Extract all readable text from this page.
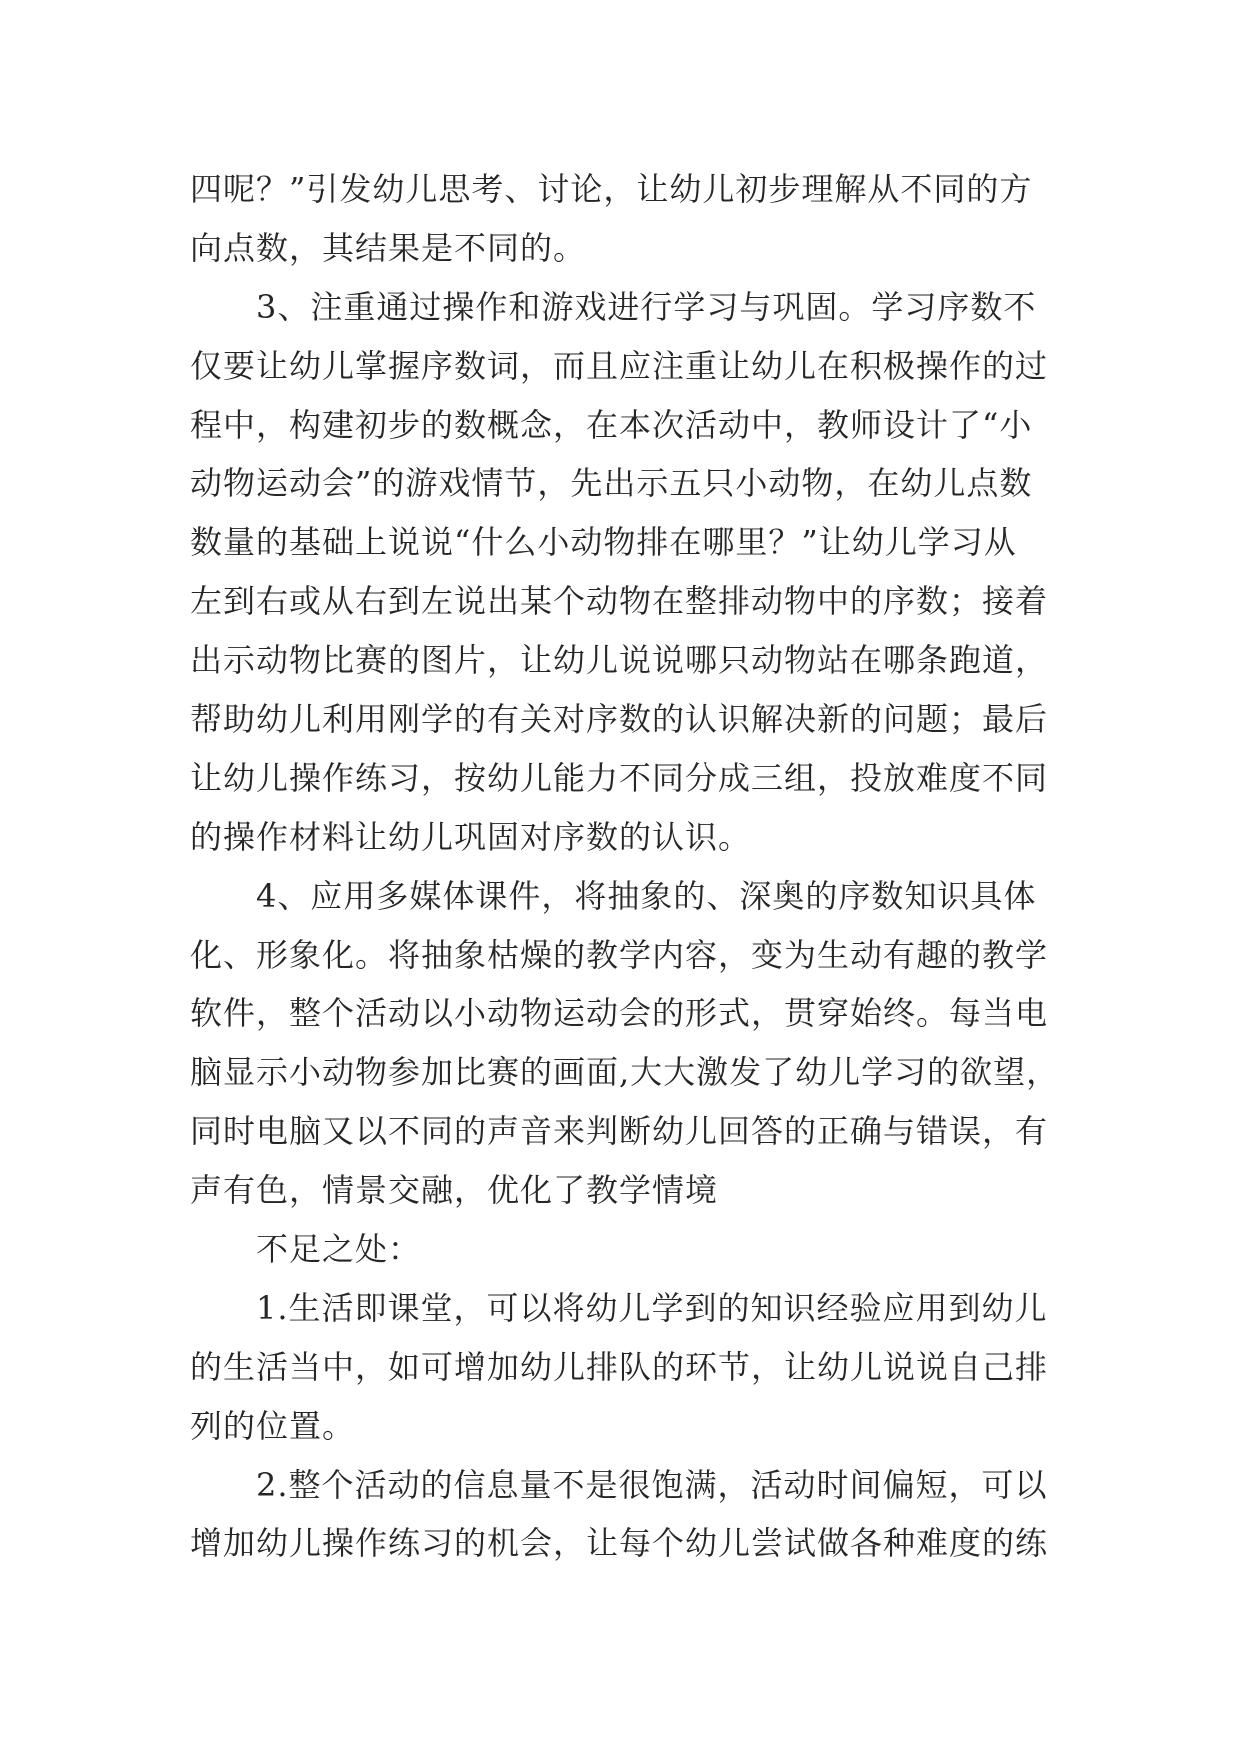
四呢？”引发幼儿思考、讨论，让幼儿初步理解从不同的方
向点数，其结果是不同的。
3、注重通过操作和游戏进行学习与巩固。学习序数不
仅要让幼儿掌握序数词，而且应注重让幼儿在积极操作的过
程中，构建初步的数概念，在本次活动中，教师设计了“小
动物运动会”的游戏情节，先出示五只小动物，在幼儿点数
数量的基础上说说“什么小动物排在哪里？”让幼儿学习从
左到右或从右到左说出某个动物在整排动物中的序数；接着
出示动物比赛的图片，让幼儿说说哪只动物站在哪条跑道，
帮助幼儿利用刚学的有关对序数的认识解决新的问题；最后
让幼儿操作练习，按幼儿能力不同分成三组，投放难度不同
的操作材料让幼儿巩固对序数的认识。
4、应用多媒体课件，将抽象的、深奥的序数知识具体
化、形象化。将抽象枯燥的教学内容，变为生动有趣的教学
软件，整个活动以小动物运动会的形式，贯穿始终。每当电
脑显示小动物参加比赛的画面,大大激发了幼儿学习的欲望，
同时电脑又以不同的声音来判断幼儿回答的正确与错误，有
声有色，情景交融，优化了教学情境
不足之处：
1.生活即课堂，可以将幼儿学到的知识经验应用到幼儿
的生活当中，如可增加幼儿排队的环节，让幼儿说说自己排
列的位置。
2.整个活动的信息量不是很饱满，活动时间偏短，可以
增加幼儿操作练习的机会，让每个幼儿尝试做各种难度的练
